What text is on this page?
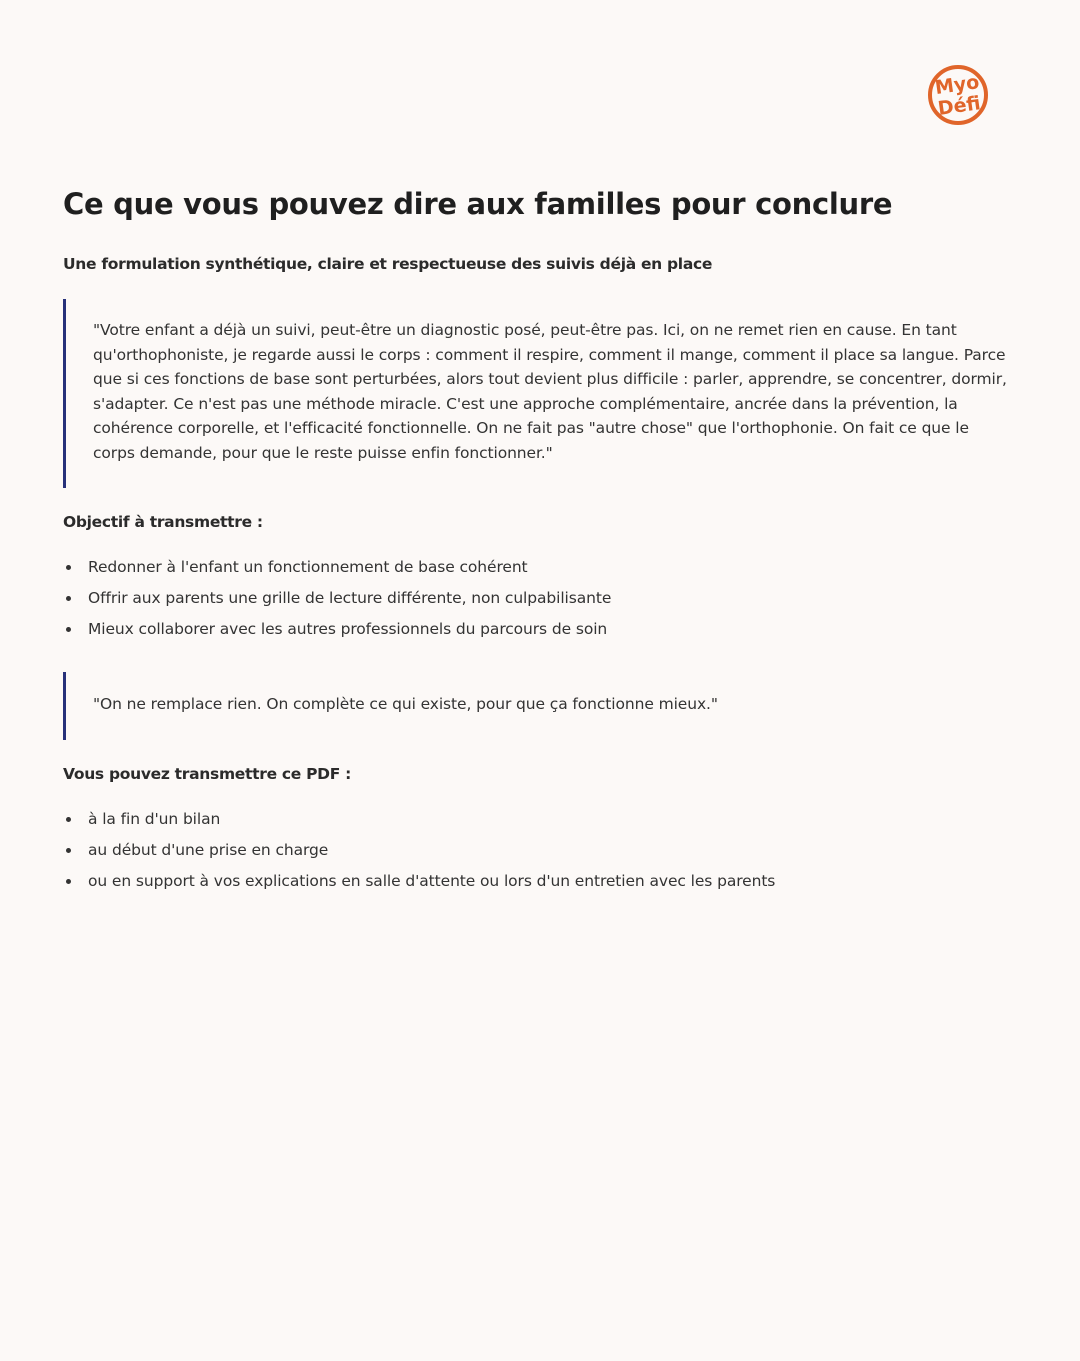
Myo
Défi
Ce que vous pouvez dire aux familles pour conclure
Une formulation synthétique, claire et respectueuse des suivis déjà en place
"Votre enfant a déjà un suivi, peut-être un diagnostic posé, peut-être pas. Ici, on ne remet rien en cause. En tant qu'orthophoniste, je regarde aussi le corps : comment il respire, comment il mange, comment il place sa langue. Parce que si ces fonctions de base sont perturbées, alors tout devient plus difficile : parler, apprendre, se concentrer, dormir, s'adapter. Ce n'est pas une méthode miracle. C'est une approche complémentaire, ancrée dans la prévention, la cohérence corporelle, et l'efficacité fonctionnelle. On ne fait pas "autre chose" que l'orthophonie. On fait ce que le corps demande, pour que le reste puisse enfin fonctionner."
Objectif à transmettre :
Redonner à l'enfant un fonctionnement de base cohérent
Offrir aux parents une grille de lecture différente, non culpabilisante
Mieux collaborer avec les autres professionnels du parcours de soin
"On ne remplace rien. On complète ce qui existe, pour que ça fonctionne mieux."
Vous pouvez transmettre ce PDF :
à la fin d'un bilan
au début d'une prise en charge
ou en support à vos explications en salle d'attente ou lors d'un entretien avec les parents
